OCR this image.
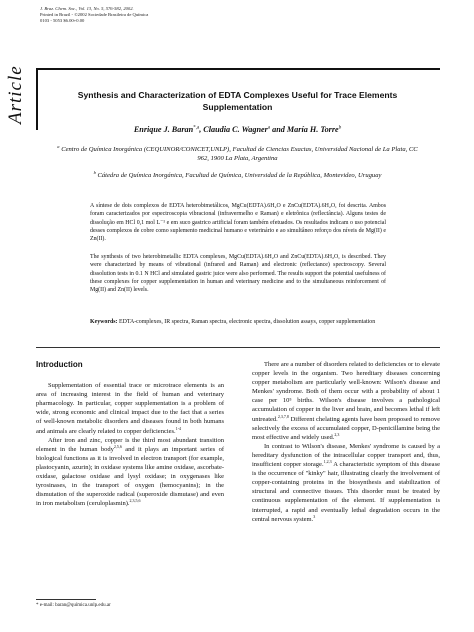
J. Braz. Chem. Soc., Vol. 13, No. 5, 576-582, 2002.
Printed in Brazil - ©2002 Sociedade Brasileira de Química
0103 - 5053 $6.00+0.00
Article	Synthesis and Characterization of EDTA Complexes Useful for Trace Elements Supplementation
Enrique J. Baran$^{*,a}$, Claudia C. Wagner$^a$ and María H. Torre$^b$
$^a$ Centro de Química Inorgánica (CEQUINOR/CONICET,UNLP), Facultad de Ciencias Exactas, Universidad Nacional de La Plata, CC 962, 1900 La Plata, Argentina
$^b$ Cátedra de Química Inorgánica, Facultad de Química, Universidad de la República, Montevideo, Uruguay
A síntese de dois complexos de EDTA heterobimetálicos, MgCu(EDTA).6H₂O e ZnCu(EDTA).6H₂O, foi descrita. Ambos foram caracterizados por espectroscopia vibracional (infravermelho e Raman) e eletrônica (reflectância). Alguns testes de dissolução em HCl 0,1 mol L⁻¹ e em suco gastrico artificial foram também efetuados. Os resultados indicam o uso potencial desses complexos de cobre como suplemento medicinal humano e veterinário e ao simultâneo reforço dos níveis de Mg(II) e Zn(II).
The synthesis of two heterobimetallic EDTA complexes, MgCu(EDTA).6H₂O and ZnCu(EDTA).6H₂O, is described. They were characterized by means of vibrational (infrared and Raman) and electronic (reflectance) spectroscopy. Several dissolution tests in 0.1 N HCl and simulated gastric juice were also performed. The results support the potential usefulness of these complexes for copper supplementation in human and veterinary medicine and to the simultaneous reinforcement of Mg(II) and Zn(II) levels.
Keywords: EDTA-complexes, IR spectra, Raman spectra, electronic spectra, dissolution assays, copper supplementation
Introduction

Supplementation of essential trace or microtrace elements is an area of increasing interest in the field of human and veterinary pharmacology. In particular, copper supplementation is a problem of wide, strong economic and clinical impact due to the fact that a series of well-known metabolic disorders and diseases found in both humans and animals are clearly related to copper deficiencies.$^{1-4}$

After iron and zinc, copper is the third most abundant transition element in the human body$^{2,5,6}$ and it plays an important series of biological functions as it is involved in electron transport (for example, plastocyanin, azurin); in oxidase systems like amine oxidase, ascorbate-oxidase, galactose oxidase and lysyl oxidase; in oxygenases like tyrosinases, in the transport of oxygen (hemocyanins); in the dismutation of the superoxide radical (superoxide dismutase) and even in iron metabolism (ceruloplasmin).$^{2,3,5,6}$

There are a number of disorders related to deficiencies or to elevate copper levels in the organism. Two hereditary diseases concerning copper metabolism are particularly well-known: Wilson's disease and Menkes' syndrome. Both of them occur with a probability of about 1 case per 10⁵ births. Wilson's disease involves a pathological accumulation of copper in the liver and brain, and becomes lethal if left untreated.$^{2,3,7,8}$ Different chelating agents have been proposed to remove selectively the excess of accumulated copper, D-penicillamine being the most effective and widely used.$^{2,3}$

In contrast to Wilson's disease, Menkes' syndrome is caused by a hereditary dysfunction of the intracellular copper transport and, thus, insufficient copper storage.$^{1,2,3}$ A characteristic symptom of this disease is the occurrence of "kinky" hair, illustrating clearly the involvement of copper-containing proteins in the biosynthesis and stabilization of structural and connective tissues. This disorder must be treated by continuous supplementation of the element. If supplementation is interrupted, a rapid and eventually lethal degradation occurs in the central nervous system.$^3$

* e-mail: baran@química.unlp.edu.ar
